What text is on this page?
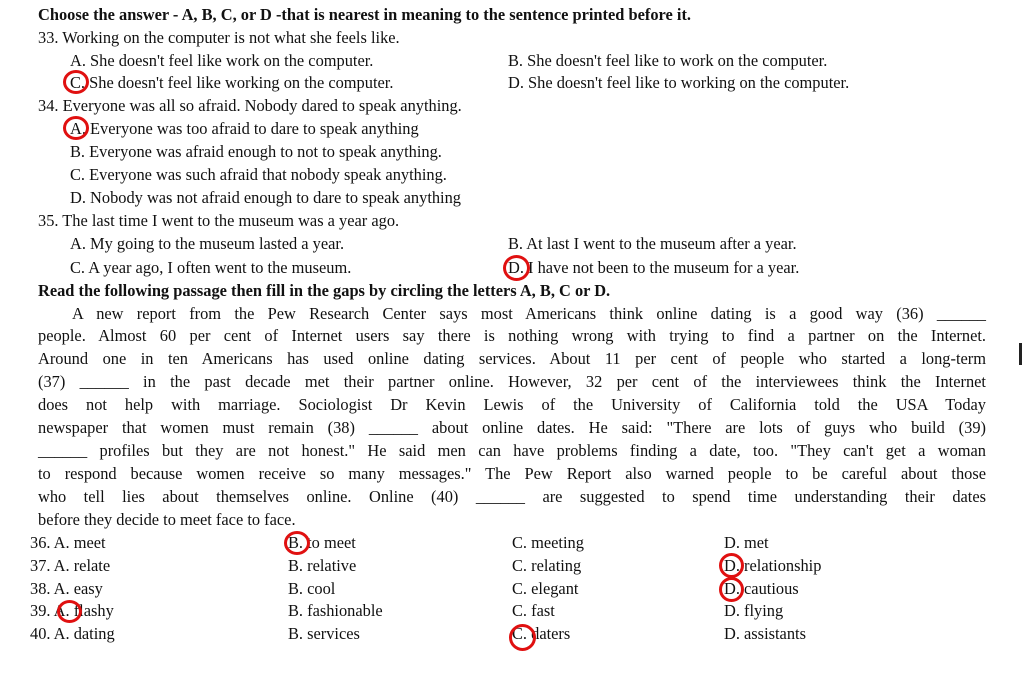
Choose the answer - A, B, C, or D -that is nearest in meaning to the sentence printed before it.
33. Working on the computer is not what she feels like.
A. She doesn't feel like work on the computer.	B. She doesn't feel like to work on the computer.
C. She doesn't feel like working on the computer.	D. She doesn't feel like to working on the computer.
34. Everyone was all so afraid. Nobody dared to speak anything.
A. Everyone was too afraid to dare to speak anything
B. Everyone was afraid enough to not to speak anything.
C. Everyone was such afraid that nobody speak anything.
D. Nobody was not afraid enough to dare to speak anything
35. The last time I went to the museum was a year ago.
A. My going to the museum lasted a year.	B. At last I went to the museum after a year.
C. A year ago, I often went to the museum.	D. I have not been to the museum for a year.
Read the following passage then fill in the gaps by circling the letters A, B, C or D.
A new report from the Pew Research Center says most Americans think online dating is a good way (36) ______
people. Almost 60 per cent of Internet users say there is nothing wrong with trying to find a partner on the Internet.
Around one in ten Americans has used online dating services. About 11 per cent of people who started a long-term
(37) ______ in the past decade met their partner online. However, 32 per cent of the interviewees think the Internet
does not help with marriage. Sociologist Dr Kevin Lewis of the University of California told the USA Today
newspaper that women must remain (38) ______ about online dates. He said: "There are lots of guys who build (39)
______ profiles but they are not honest." He said men can have problems finding a date, too. "They can't get a woman
to respond because women receive so many messages." The Pew Report also warned people to be careful about those
who tell lies about themselves online. Online (40) ______ are suggested to spend time understanding their dates
before they decide to meet face to face.
36. A. meet	B. to meet	C. meeting	D. met
37. A. relate	B. relative	C. relating	D. relationship
38. A. easy	B. cool	C. elegant	D. cautious
39. A. flashy	B. fashionable	C. fast	D. flying
40. A. dating	B. services	C. daters	D. assistants
